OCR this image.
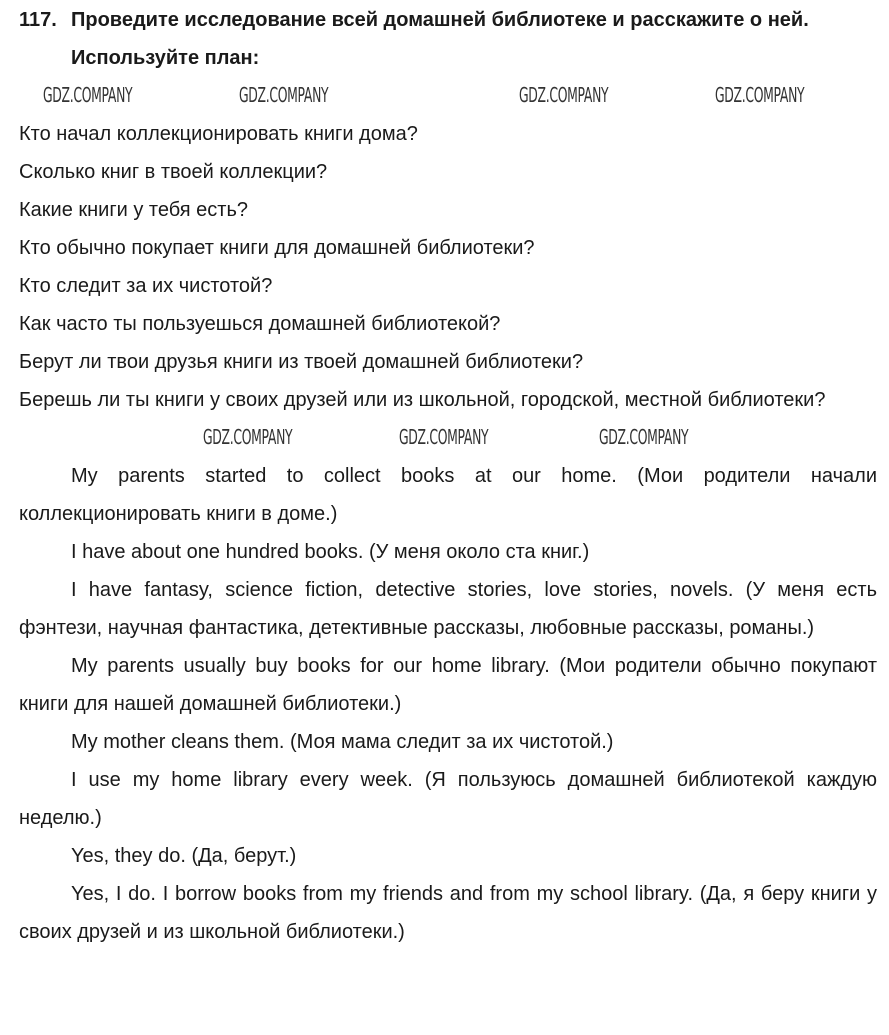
117. Проведите исследование всей домашней библиотеке и расскажите о ней.
Используйте план:
GDZ.COMPANY	GDZ.COMPANY	GDZ.COMPANY	GDZ.COMPANY

Кто начал коллекционировать книги дома?

Сколько книг в твоей коллекции?

Какие книги у тебя есть?

Кто обычно покупает книги для домашней библиотеки?

Кто следит за их чистотой?

Как часто ты пользуешься домашней библиотекой?

Берут ли твои друзья книги из твоей домашней библиотеки?

Берешь ли ты книги у своих друзей или из школьной, городской, местной библиотеки?

GDZ.COMPANY	GDZ.COMPANY	GDZ.COMPANY

My parents started to collect books at our home. (Мои родители начали коллекционировать книги в доме.)

I have about one hundred books. (У меня около ста книг.)

I have fantasy, science fiction, detective stories, love stories, novels. (У меня есть фэнтези, научная фантастика, детективные рассказы, любовные рассказы, романы.)

My parents usually buy books for our home library. (Мои родители обычно покупают книги для нашей домашней библиотеки.)

My mother cleans them. (Моя мама следит за их чистотой.)

I use my home library every week. (Я пользуюсь домашней библиотекой каждую неделю.)

Yes, they do. (Да, берут.)

Yes, I do. I borrow books from my friends and from my school library. (Да, я беру книги у своих друзей и из школьной библиотеки.)
